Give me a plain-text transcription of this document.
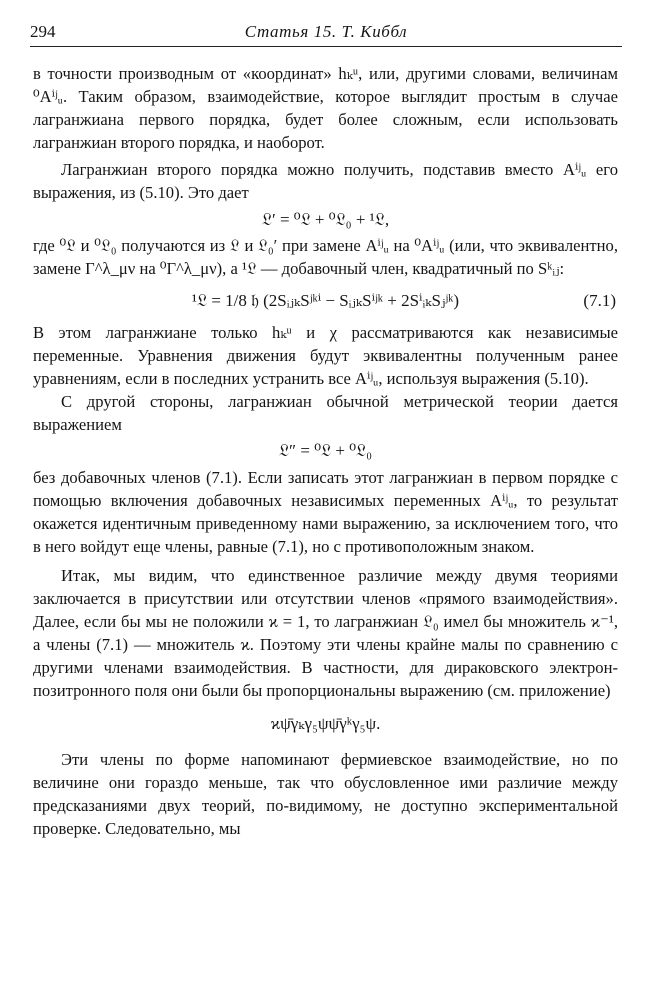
294	Статья 15. Т. Киббл

в точности производным от «координат» hₖᵘ, или, другими словами, величинам ⁰Aⁱʲᵤ. Таким образом, взаимодействие, которое выглядит простым в случае лагранжиана первого порядка, будет более сложным, если использовать лагранжиан второго порядка, и наоборот.

Лагранжиан второго порядка можно получить, подставив вместо Aⁱʲᵤ его выражения, из (5.10). Это дает

𝔏′ = ⁰𝔏 + ⁰𝔏₀ + ¹𝔏,

где ⁰𝔏 и ⁰𝔏₀ получаются из 𝔏 и 𝔏₀′ при замене Aⁱʲᵤ на ⁰Aⁱʲᵤ (или, что эквивалентно, замене Γ^λ_μν на ⁰Γ^λ_μν), а ¹𝔏 — добавочный член, квадратичный по Sᵏᵢⱼ:

¹𝔏 = 1/8 𝔥 (2SᵢⱼₖSʲᵏⁱ − SᵢⱼₖSⁱʲᵏ + 2SⁱᵢₖSⱼʲᵏ)	(7.1)

В этом лагранжиане только hₖᵘ и χ рассматриваются как независимые переменные. Уравнения движения будут эквивалентны полученным ранее уравнениям, если в последних устранить все Aⁱʲᵤ, используя выражения (5.10).

С другой стороны, лагранжиан обычной метрической теории дается выражением

𝔏″ = ⁰𝔏 + ⁰𝔏₀

без добавочных членов (7.1). Если записать этот лагранжиан в первом порядке с помощью включения добавочных независимых переменных Aⁱʲᵤ, то результат окажется идентичным приведенному нами выражению, за исключением того, что в него войдут еще члены, равные (7.1), но с противоположным знаком.

Итак, мы видим, что единственное различие между двумя теориями заключается в присутствии или отсутствии членов «прямого взаимодействия». Далее, если бы мы не положили ϰ = 1, то лагранжиан 𝔏₀ имел бы множитель ϰ⁻¹, а члены (7.1) — множитель ϰ. Поэтому эти члены крайне малы по сравнению с другими членами взаимодействия. В частности, для дираковского электрон-позитронного поля они были бы пропорциональны выражению (см. приложение)

ϰψ̄γₖγ₅ψψ̄γᵏγ₅ψ.

Эти члены по форме напоминают фермиевское взаимодействие, но по величине они гораздо меньше, так что обусловленное ими различие между предсказаниями двух теорий, по-видимому, не доступно экспериментальной проверке. Следовательно, мы
